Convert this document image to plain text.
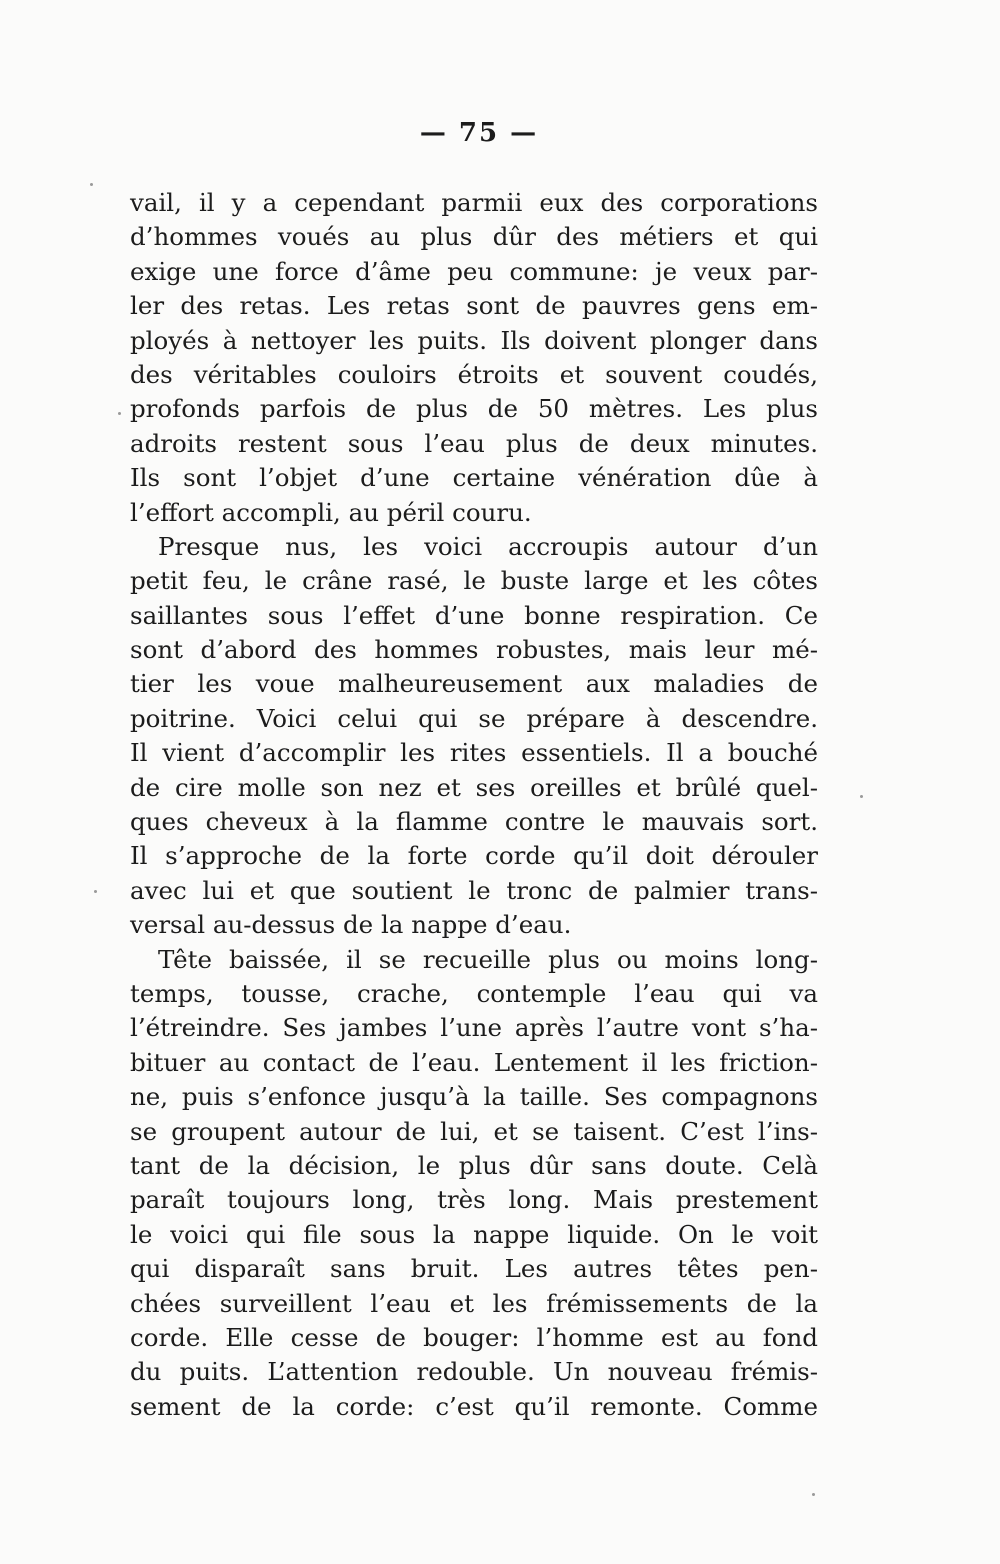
— 75 —
vail, il y a cependant parmii eux des corporations
d’hommes voués au plus dûr des métiers et qui
exige une force d’âme peu commune: je veux par-
ler des retas. Les retas sont de pauvres gens em-
ployés à nettoyer les puits. Ils doivent plonger dans
des véritables couloirs étroits et souvent coudés,
profonds parfois de plus de 50 mètres. Les plus
adroits restent sous l’eau plus de deux minutes.
Ils sont l’objet d’une certaine vénération dûe à
l’effort accompli, au péril couru.
Presque nus, les voici accroupis autour d’un
petit feu, le crâne rasé, le buste large et les côtes
saillantes sous l’effet d’une bonne respiration. Ce
sont d’abord des hommes robustes, mais leur mé-
tier les voue malheureusement aux maladies de
poitrine. Voici celui qui se prépare à descendre.
Il vient d’accomplir les rites essentiels. Il a bouché
de cire molle son nez et ses oreilles et brûlé quel-
ques cheveux à la flamme contre le mauvais sort.
Il s’approche de la forte corde qu’il doit dérouler
avec lui et que soutient le tronc de palmier trans-
versal au-dessus de la nappe d’eau.
Tête baissée, il se recueille plus ou moins long-
temps, tousse, crache, contemple l’eau qui va
l’étreindre. Ses jambes l’une après l’autre vont s’ha-
bituer au contact de l’eau. Lentement il les friction-
ne, puis s’enfonce jusqu’à la taille. Ses compagnons
se groupent autour de lui, et se taisent. C’est l’ins-
tant de la décision, le plus dûr sans doute. Celà
paraît toujours long, très long. Mais prestement
le voici qui file sous la nappe liquide. On le voit
qui disparaît sans bruit. Les autres têtes pen-
chées surveillent l’eau et les frémissements de la
corde. Elle cesse de bouger: l’homme est au fond
du puits. L’attention redouble. Un nouveau frémis-
sement de la corde: c’est qu’il remonte. Comme
